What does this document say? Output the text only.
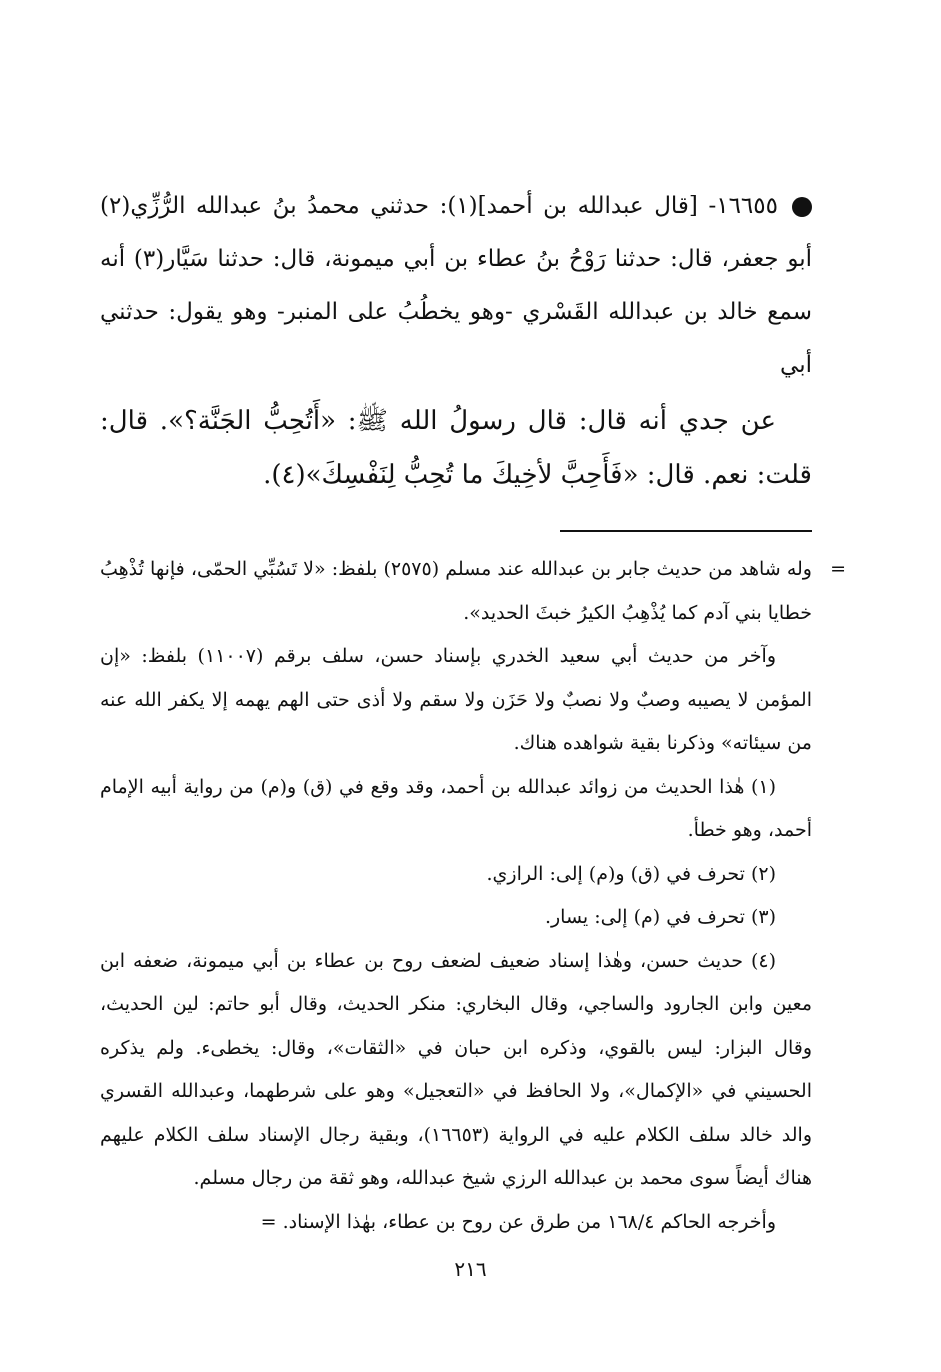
١٦٦٥٥- [قال عبدالله بن أحمد](١): حدثني محمدُ بنُ عبدالله الرُّزِّي(٢) أبو جعفر، قال: حدثنا رَوْحُ بنُ عطاء بن أبي ميمونة، قال: حدثنا سَيَّار(٣) أنه سمع خالد بن عبدالله القَسْري -وهو يخطُبُ على المنبر- وهو يقول: حدثني أبي

عن جدي أنه قال: قال رسولُ الله ﷺ: «أَتُحِبُّ الجَنَّة؟». قال: قلت: نعم. قال: «فَأَحِبَّ لأخِيكَ ما تُحِبُّ لِنَفْسِكَ»(٤).

=
وله شاهد من حديث جابر بن عبدالله عند مسلم (٢٥٧٥) بلفظ: «لا تَسُبِّي الحمّى، فإنها تُذْهِبُ خطايا بني آدم كما يُذْهِبُ الكيرُ خبثَ الحديد».

وآخر من حديث أبي سعيد الخدري بإسناد حسن، سلف برقم (١١٠٠٧) بلفظ: «إن المؤمن لا يصيبه وصبٌ ولا نصبٌ ولا حَزَن ولا سقم ولا أذى حتى الهم يهمه إلا يكفر الله عنه من سيئاته» وذكرنا بقية شواهده هناك.

(١) هٰذا الحديث من زوائد عبدالله بن أحمد، وقد وقع في (ق) و(م) من رواية أبيه الإمام أحمد، وهو خطأ.

(٢) تحرف في (ق) و(م) إلى: الرازي.

(٣) تحرف في (م) إلى: يسار.

(٤) حديث حسن، وهٰذا إسناد ضعيف لضعف روح بن عطاء بن أبي ميمونة، ضعفه ابن معين وابن الجارود والساجي، وقال البخاري: منكر الحديث، وقال أبو حاتم: لين الحديث، وقال البزار: ليس بالقوي، وذكره ابن حبان في «الثقات»، وقال: يخطىء. ولم يذكره الحسيني في «الإكمال»، ولا الحافظ في «التعجيل» وهو على شرطهما، وعبدالله القسري والد خالد سلف الكلام عليه في الرواية (١٦٦٥٣)، وبقية رجال الإسناد سلف الكلام عليهم هناك أيضاً سوى محمد بن عبدالله الرزي شيخ عبدالله، وهو ثقة من رجال مسلم.

وأخرجه الحاكم ١٦٨/٤ من طرق عن روح بن عطاء، بهٰذا الإسناد. =

٢١٦
